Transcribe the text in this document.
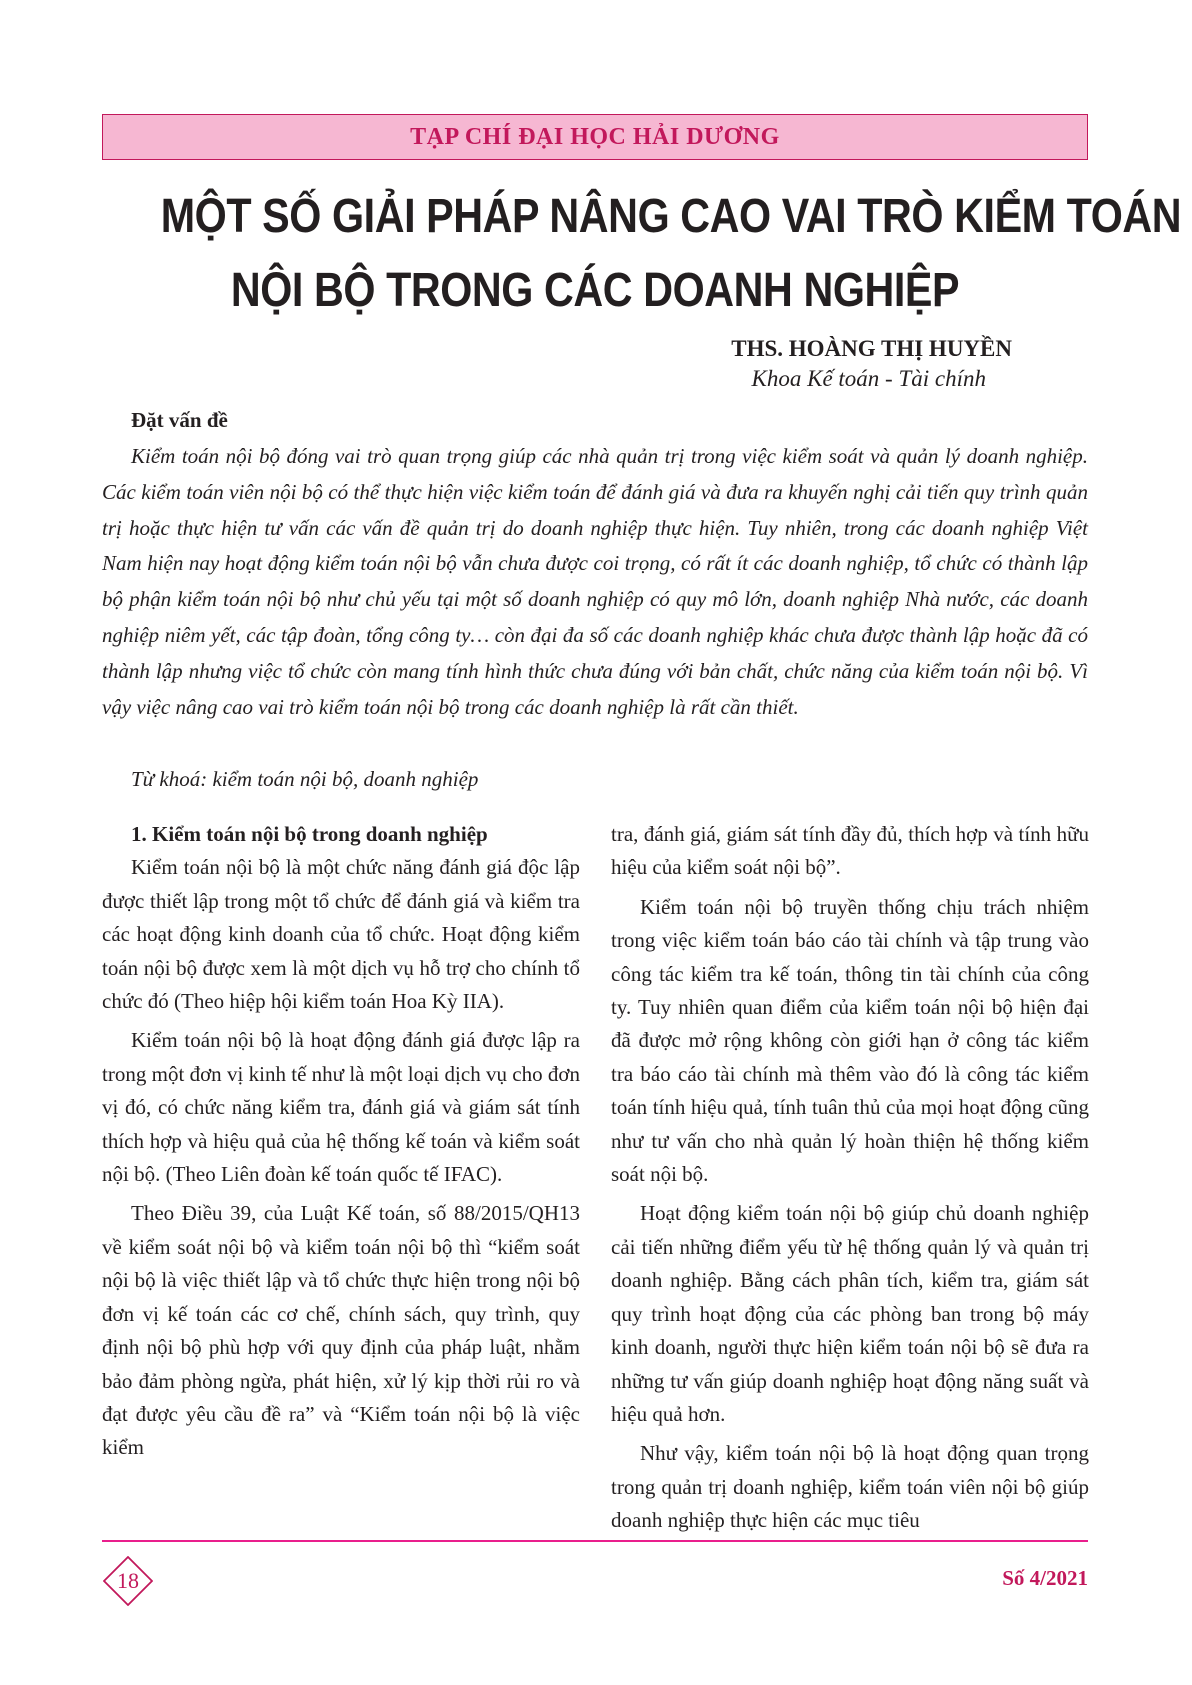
TẠP CHÍ ĐẠI HỌC HẢI DƯƠNG
MỘT SỐ GIẢI PHÁP NÂNG CAO VAI TRÒ KIỂM TOÁN
NỘI BỘ TRONG CÁC DOANH NGHIỆP
THS. HOÀNG THỊ HUYỀN
Khoa Kế toán - Tài chính
Đặt vấn đề

Kiểm toán nội bộ đóng vai trò quan trọng giúp các nhà quản trị trong việc kiểm soát và quản lý doanh nghiệp. Các kiểm toán viên nội bộ có thể thực hiện việc kiểm toán để đánh giá và đưa ra khuyến nghị cải tiến quy trình quản trị hoặc thực hiện tư vấn các vấn đề quản trị do doanh nghiệp thực hiện. Tuy nhiên, trong các doanh nghiệp Việt Nam hiện nay hoạt động kiểm toán nội bộ vẫn chưa được coi trọng, có rất ít các doanh nghiệp, tổ chức có thành lập bộ phận kiểm toán nội bộ như chủ yếu tại một số doanh nghiệp có quy mô lớn, doanh nghiệp Nhà nước, các doanh nghiệp niêm yết, các tập đoàn, tổng công ty… còn đại đa số các doanh nghiệp khác chưa được thành lập hoặc đã có thành lập nhưng việc tổ chức còn mang tính hình thức chưa đúng với bản chất, chức năng của kiểm toán nội bộ. Vì vậy việc nâng cao vai trò kiểm toán nội bộ trong các doanh nghiệp là rất cần thiết.

Từ khoá: kiểm toán nội bộ, doanh nghiệp

1. Kiểm toán nội bộ trong doanh nghiệp

Kiểm toán nội bộ là một chức năng đánh giá độc lập được thiết lập trong một tổ chức để đánh giá và kiểm tra các hoạt động kinh doanh của tổ chức. Hoạt động kiểm toán nội bộ được xem là một dịch vụ hỗ trợ cho chính tổ chức đó (Theo hiệp hội kiểm toán Hoa Kỳ IIA).

Kiểm toán nội bộ là hoạt động đánh giá được lập ra trong một đơn vị kinh tế như là một loại dịch vụ cho đơn vị đó, có chức năng kiểm tra, đánh giá và giám sát tính thích hợp và hiệu quả của hệ thống kế toán và kiểm soát nội bộ. (Theo Liên đoàn kế toán quốc tế IFAC).

Theo Điều 39, của Luật Kế toán, số 88/2015/QH13 về kiểm soát nội bộ và kiểm toán nội bộ thì “kiểm soát nội bộ là việc thiết lập và tổ chức thực hiện trong nội bộ đơn vị kế toán các cơ chế, chính sách, quy trình, quy định nội bộ phù hợp với quy định của pháp luật, nhằm bảo đảm phòng ngừa, phát hiện, xử lý kịp thời rủi ro và đạt được yêu cầu đề ra” và “Kiểm toán nội bộ là việc kiểm

tra, đánh giá, giám sát tính đầy đủ, thích hợp và tính hữu hiệu của kiểm soát nội bộ”.

Kiểm toán nội bộ truyền thống chịu trách nhiệm trong việc kiểm toán báo cáo tài chính và tập trung vào công tác kiểm tra kế toán, thông tin tài chính của công ty. Tuy nhiên quan điểm của kiểm toán nội bộ hiện đại đã được mở rộng không còn giới hạn ở công tác kiểm tra báo cáo tài chính mà thêm vào đó là công tác kiểm toán tính hiệu quả, tính tuân thủ của mọi hoạt động cũng như tư vấn cho nhà quản lý hoàn thiện hệ thống kiểm soát nội bộ.

Hoạt động kiểm toán nội bộ giúp chủ doanh nghiệp cải tiến những điểm yếu từ hệ thống quản lý và quản trị doanh nghiệp. Bằng cách phân tích, kiểm tra, giám sát quy trình hoạt động của các phòng ban trong bộ máy kinh doanh, người thực hiện kiểm toán nội bộ sẽ đưa ra những tư vấn giúp doanh nghiệp hoạt động năng suất và hiệu quả hơn.

Như vậy, kiểm toán nội bộ là hoạt động quan trọng trong quản trị doanh nghiệp, kiểm toán viên nội bộ giúp doanh nghiệp thực hiện các mục tiêu

18	Số 4/2021
